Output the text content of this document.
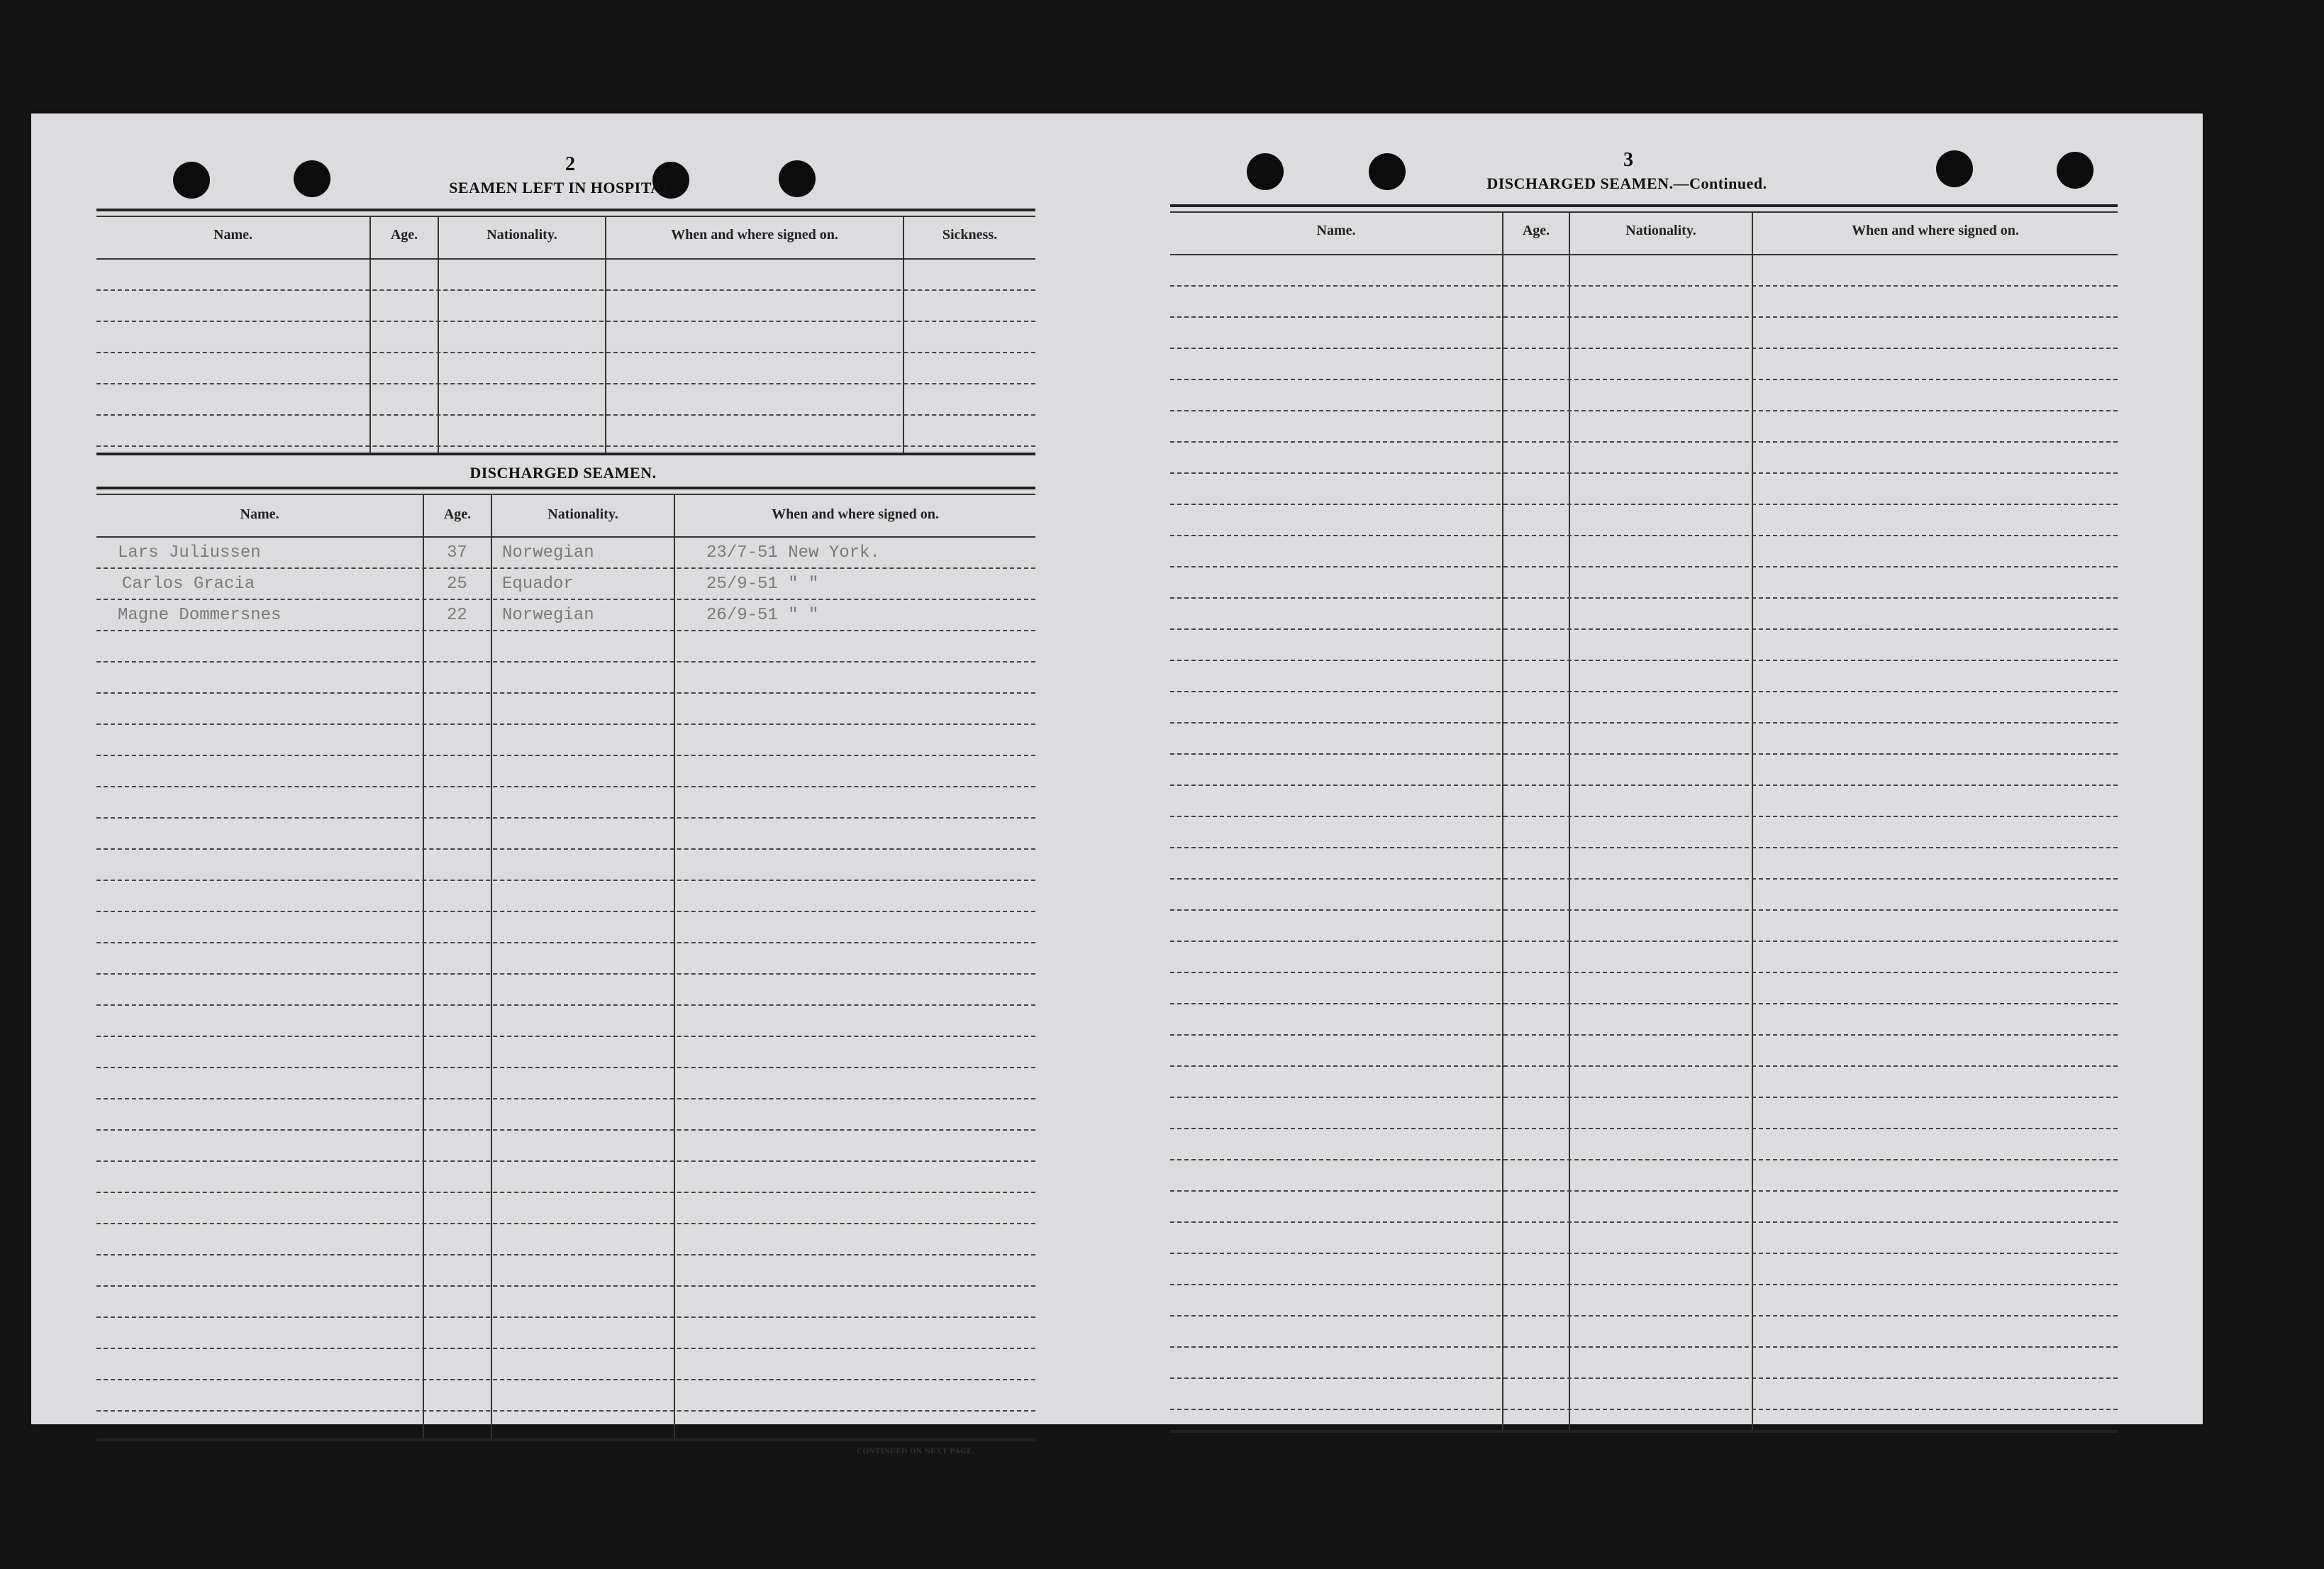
2
SEAMEN LEFT IN HOSPITAL.
Name.	Age.	Nationality.	When and where signed on.	Sickness.
DISCHARGED SEAMEN.
Name.	Age.	Nationality.	When and where signed on.
Lars Juliussen	37 Norwegian	23/7-51 New York.
Carlos Gracia	25 Equador	25/9-51 " "
Magne Dommersnes	22 Norwegian	26/9-51 " "
CONTINUED ON NEXT PAGE.
3
DISCHARGED SEAMEN.—Continued.
Name.	Age.	Nationality.	When and where signed on.
